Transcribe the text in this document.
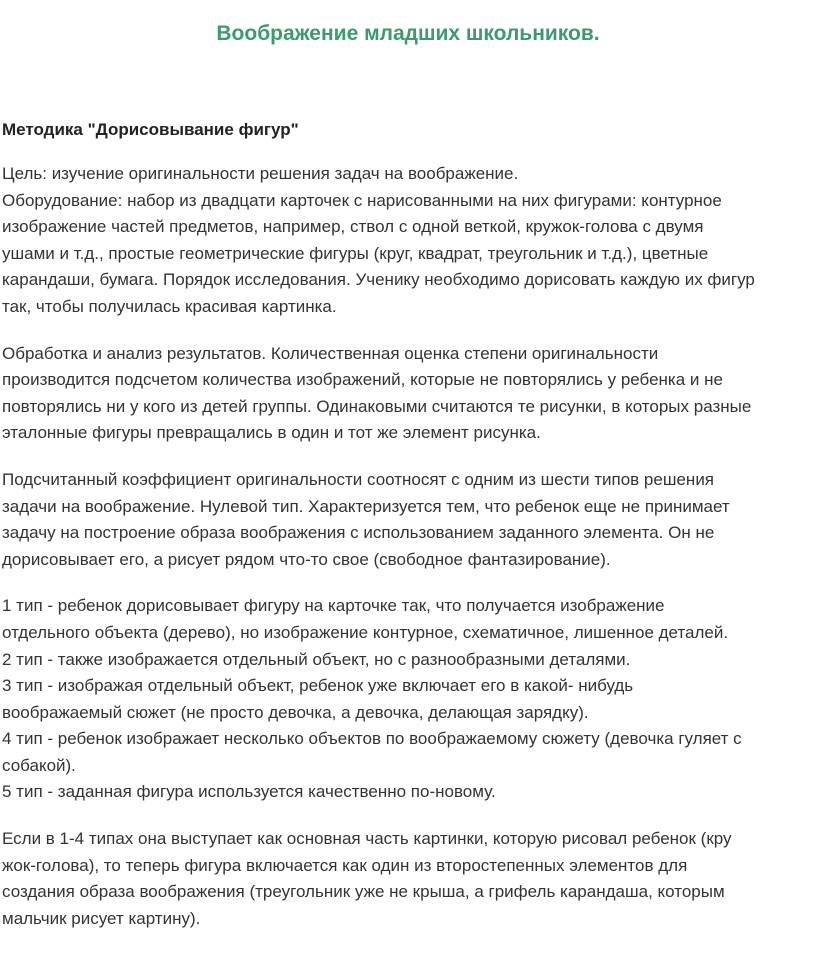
Воображение младших школьников.
Методика "Дорисовывание фигур"

Цель: изучение оригинальности решения задач на воображение.
Оборудование: набор из двадцати карточек с нарисованными на них фигурами: контурное
изображение частей предметов, например, ствол с одной веткой, кружок-голова с двумя
ушами и т.д., простые геометрические фигуры (круг, квадрат, треугольник и т.д.), цветные
карандаши, бумага. Порядок исследования. Ученику необходимо дорисовать каждую их фигур
так, чтобы получилась красивая картинка.

Обработка и анализ результатов. Количественная оценка степени оригинальности
производится подсчетом количества изображений, которые не повторялись у ребенка и не
повторялись ни у кого из детей группы. Одинаковыми считаются те рисунки, в которых разные
эталонные фигуры превращались в один и тот же элемент рисунка.

Подсчитанный коэффициент оригинальности соотносят с одним из шести типов решения
задачи на воображение. Нулевой тип. Характеризуется тем, что ребенок еще не принимает
задачу на построение образа воображения с использованием заданного элемента. Он не
дорисовывает его, а рисует рядом что-то свое (свободное фантазирование).

1 тип - ребенок дорисовывает фигуру на карточке так, что получается изображение
отдельного объекта (дерево), но изображение контурное, схематичное, лишенное деталей.
2 тип - также изображается отдельный объект, но с разнообразными деталями.
3 тип - изображая отдельный объект, ребенок уже включает его в какой- нибудь
воображаемый сюжет (не просто девочка, а девочка, делающая зарядку).
4 тип - ребенок изображает несколько объектов по воображаемому сюжету (девочка гуляет с
собакой).
5 тип - заданная фигура используется качественно по-новому.

Если в 1-4 типах она выступает как основная часть картинки, которую рисовал ребенок (кру
жок-голова), то теперь фигура включается как один из второстепенных элементов для
создания образа воображения (треугольник уже не крыша, а грифель карандаша, которым
мальчик рисует картину).
